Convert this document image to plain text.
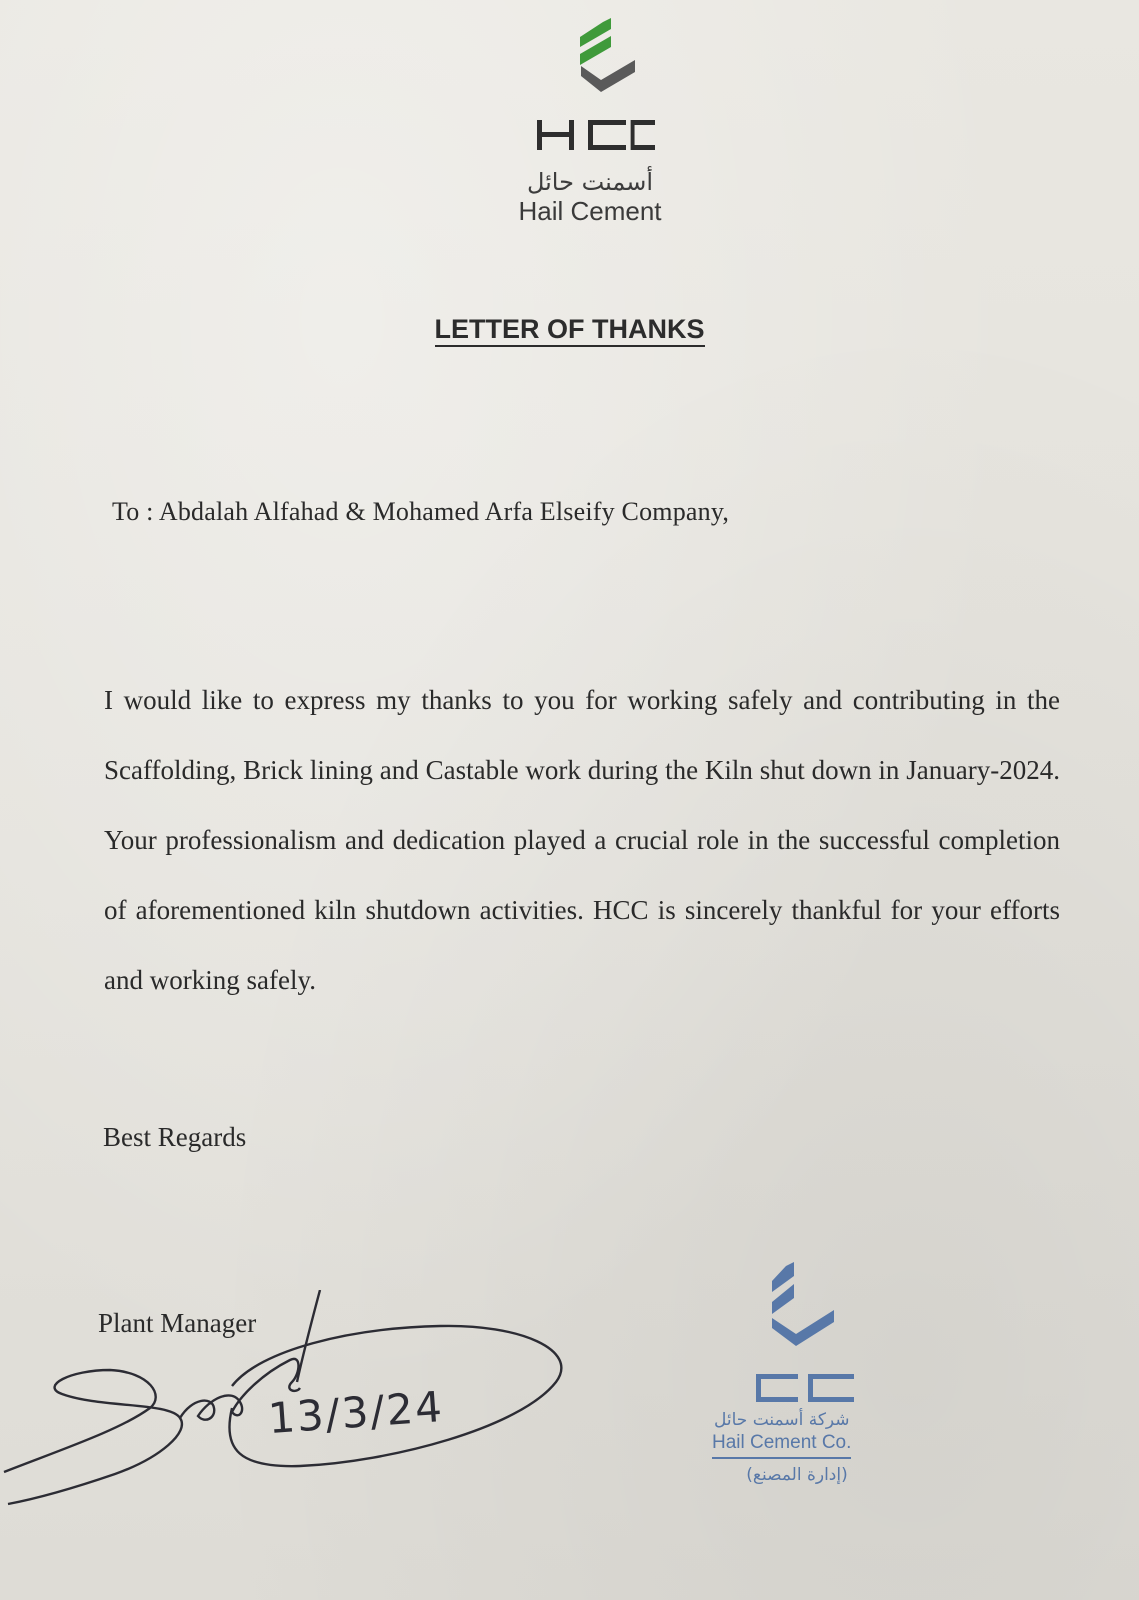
HCC
أسمنت حائل
Hail Cement
LETTER OF THANKS
To : Abdalah Alfahad & Mohamed Arfa Elseify Company,
I would like to express my thanks to you for working safely and contributing in the Scaffolding, Brick lining and Castable work during the Kiln shut down in January-2024. Your professionalism and dedication played a crucial role in the successful completion of aforementioned kiln shutdown activities. HCC is sincerely thankful for your efforts and working safely.
Best Regards
Plant Manager
13/3/24
HCC
شركة أسمنت حائل
Hail Cement Co.
(إدارة المصنع)
